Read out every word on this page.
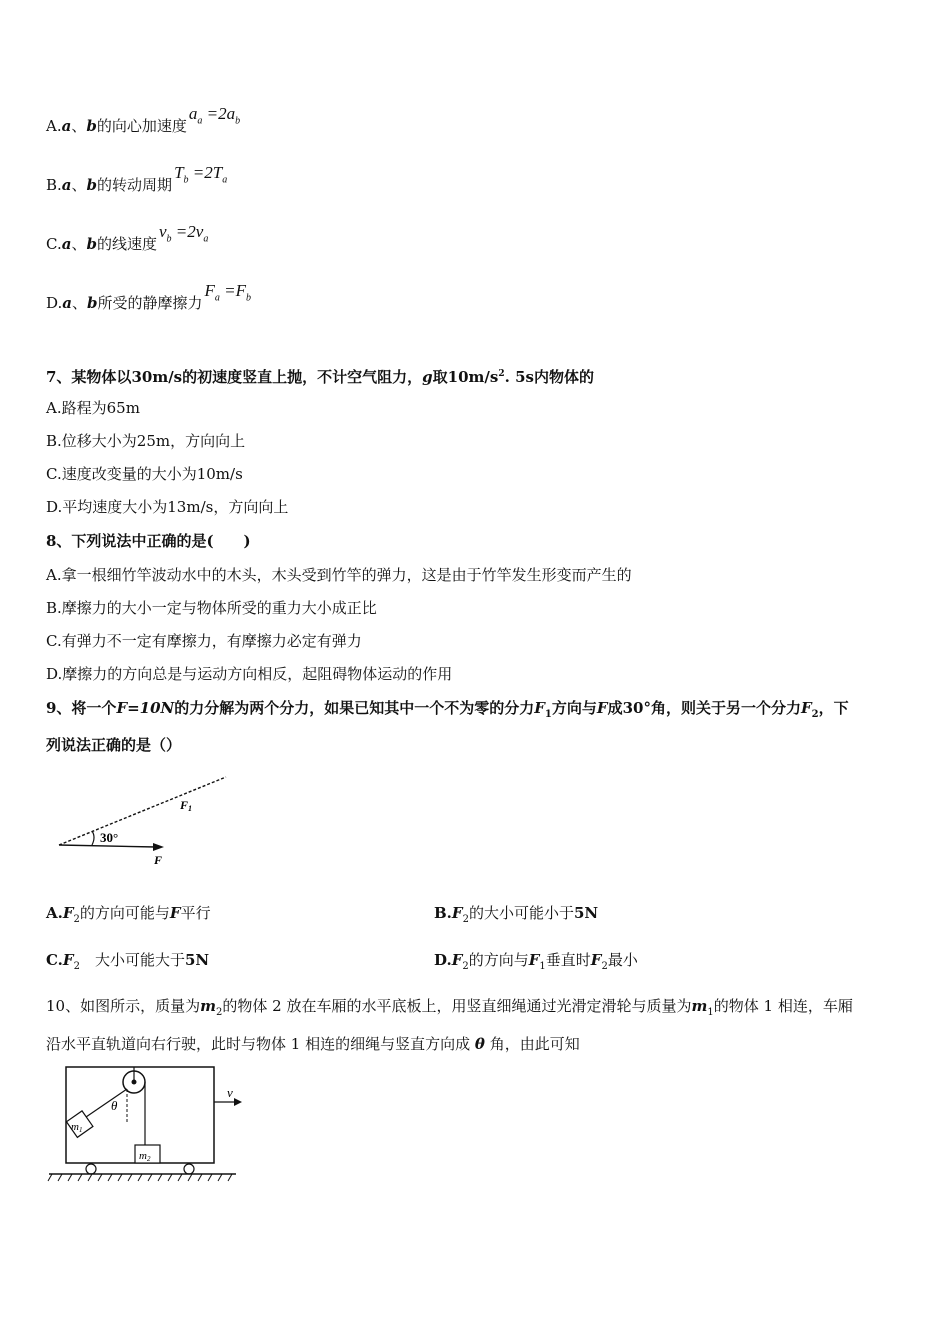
A.a、b的向心加速度$a_a =2a_b$
B.a、b的转动周期$T_b =2T_a$
C.a、b的线速度$v_b =2v_a$
D.a、b所受的静摩擦力$F_a =F_b$
7、某物体以30m/s的初速度竖直上抛，不计空气阻力，g取$10m/s^2$. 5s内物体的
A.路程为65m
B.位移大小为25m，方向向上
C.速度改变量的大小为10m/s
D.平均速度大小为13m/s，方向向上
8、下列说法中正确的是(　　)
A.拿一根细竹竿波动水中的木头，木头受到竹竿的弹力，这是由于竹竿发生形变而产生的
B.摩擦力的大小一定与物体所受的重力大小成正比
C.有弹力不一定有摩擦力，有摩擦力必定有弹力
D.摩擦力的方向总是与运动方向相反，起阻碍物体运动的作用
9、将一个F=10N的力分解为两个分力，如果已知其中一个不为零的分力$F_1$方向与F成30°角，则关于另一个分力$F_2$，下
列说法正确的是（）
30°
F1
F
$A.F_2$的方向可能与F平行	$B.F_2$的大小可能小于5N
$C.F_2$　大小可能大于5N	$D.F_2$的方向与$F_1$垂直时$F_2$最小
10、如图所示，质量为$m_2$的物体 2 放在车厢的水平底板上，用竖直细绳通过光滑定滑轮与质量为$m_1$的物体 1 相连，车厢
沿水平直轨道向右行驶，此时与物体 1 相连的细绳与竖直方向成 θ 角，由此可知
θ
m1
m2
v
